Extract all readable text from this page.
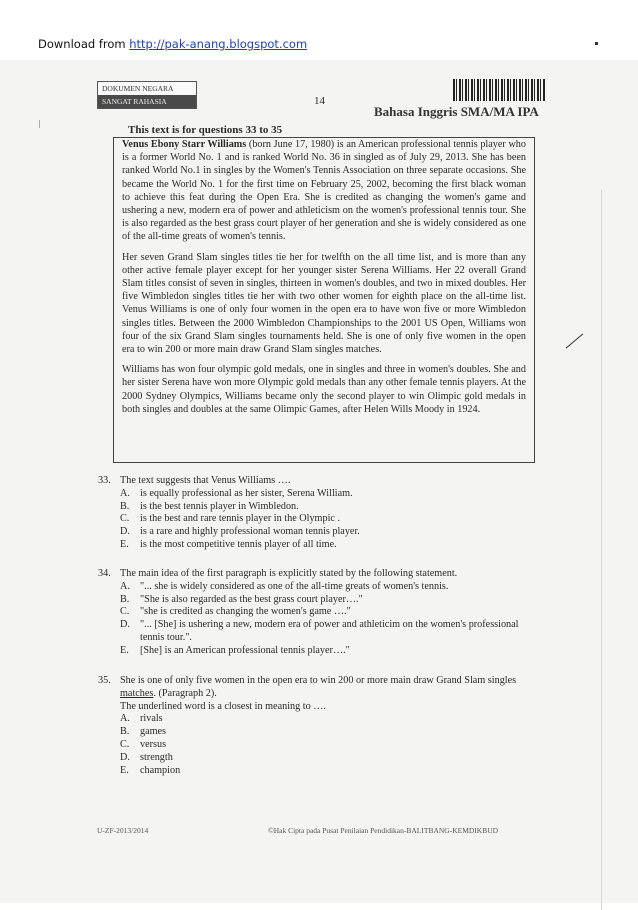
Download from http://pak-anang.blogspot.com
DOKUMEN NEGARA
SANGAT RAHASIA	14
Bahasa Inggris SMA/MA IPA
This text is for questions 33 to 35

Venus Ebony Starr Williams (born June 17, 1980) is an American professional tennis player who is a former World No. 1 and is ranked World No. 36 in singled as of July 29, 2013. She has been ranked World No.1 in singles by the Women's Tennis Association on three separate occasions. She became the World No. 1 for the first time on February 25, 2002, becoming the first black woman to achieve this feat during the Open Era. She is credited as changing the women's game and ushering a new, modern era of power and athleticism on the women's professional tennis tour. She is also regarded as the best grass court player of her generation and she is widely considered as one of the all-time greats of women's tennis.

Her seven Grand Slam singles titles tie her for twelfth on the all time list, and is more than any other active female player except for her younger sister Serena Williams. Her 22 overall Grand Slam titles consist of seven in singles, thirteen in women's doubles, and two in mixed doubles. Her five Wimbledon singles titles tie her with two other women for eighth place on the all-time list. Venus Williams is one of only four women in the open era to have won five or more Wimbledon singles titles. Between the 2000 Wimbledon Championships to the 2001 US Open, Williams won four of the six Grand Slam singles tournaments held. She is one of only five women in the open era to win 200 or more main draw Grand Slam singles matches.

Williams has won four olympic gold medals, one in singles and three in women's doubles. She and her sister Serena have won more Olympic gold medals than any other female tennis players. At the 2000 Sydney Olympics, Williams became only the second player to win Olimpic gold medals in both singles and doubles at the same Olimpic Games, after Helen Wills Moody in 1924.

33. The text suggests that Venus Williams ….
A. is equally professional as her sister, Serena William.
B.	is the best tennis player in Wimbledon.
C.	is the best and rare tennis player in the Olympic .
D. is a rare and highly professional woman tennis player.
E.	is the most competitive tennis player of all time.
34. The main idea of the first paragraph is explicitly stated by the following statement.
A. "... she is widely considered as one of the all-time greats of women's tennis.
B.	"She is also regarded as the best grass court player…."
C.	"she is credited as changing the women's game …."
D. "... [She] is ushering a new, modern era of power and athleticim on the women's professional tennis tour.".
E.	[She] is an American professional tennis player…."
35. She is one of only five women in the open era to win 200 or more main draw Grand Slam singles matches. (Paragraph 2).
The underlined word is a closest in meaning to ….
A. rivals
B.	games
C.	versus
D. strength
E.	champion
U-ZF-2013/2014	©Hak Cipta pada Pusat Penilaian Pendidikan-BALITBANG-KEMDIKBUD
